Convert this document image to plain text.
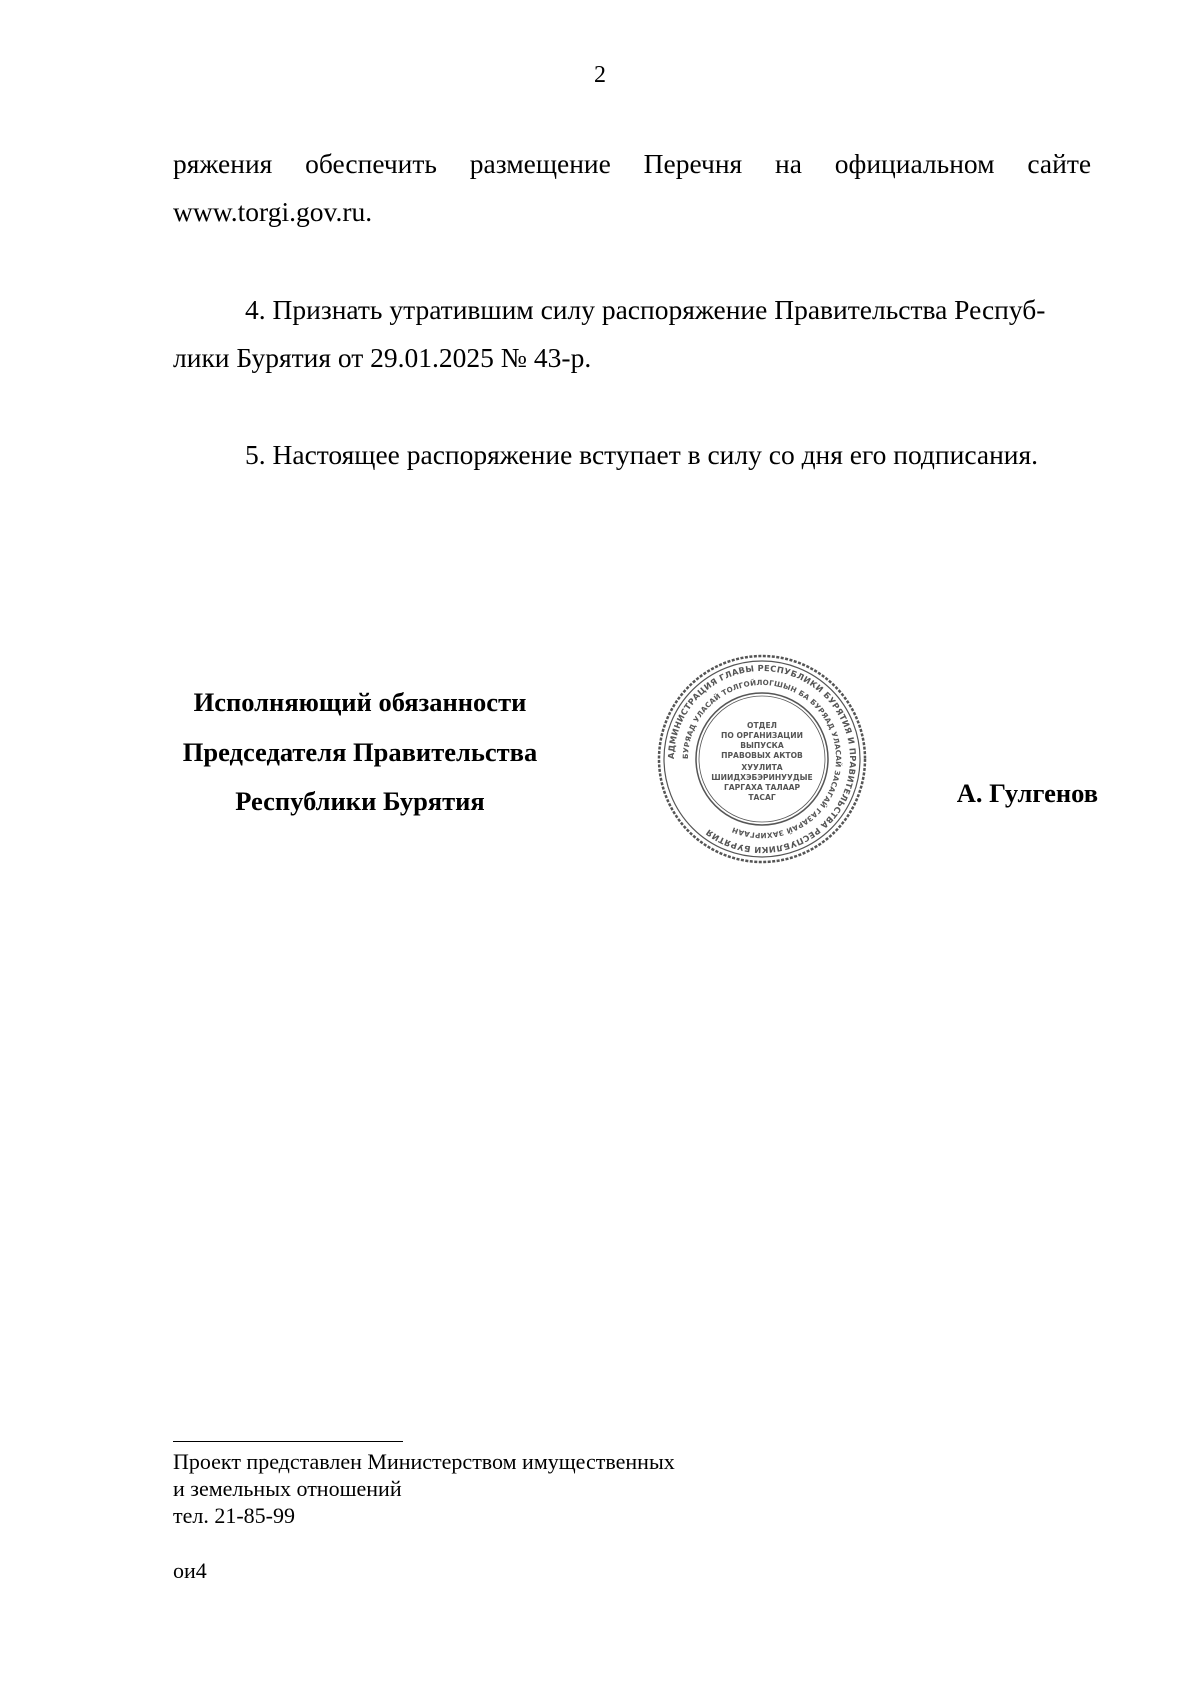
2
ряжения обеспечить размещение Перечня на официальном сайте
www.torgi.gov.ru.
4. Признать утратившим силу распоряжение Правительства Респуб-
лики Бурятия от 29.01.2025 № 43-р.
5. Настоящее распоряжение вступает в силу со дня его подписания.
Исполняющий обязанности
Председателя Правительства
Республики Бурятия
АДМИНИСТРАЦИЯ ГЛАВЫ РЕСПУБЛИКИ БУРЯТИЯ И ПРАВИТЕЛЬСТВА РЕСПУБЛИКИ БУРЯТИЯ
БУРЯАД УЛАСАЙ ТОЛГОЙЛОГШЫН БА БУРЯАД УЛАСАЙ ЗАСАГАЙ ГАЗАРАЙ ЗАХИРГААН
ОТДЕЛ
ПО ОРГАНИЗАЦИИ
ВЫПУСКА
ПРАВОВЫХ АКТОВ
ХУУЛИТА
ШИИДХЭБЭРИНУУДЫЕ
ГАРГАХА ТАЛААР
ТАСАГ	А. Гулгенов
Проект представлен Министерством имущественных
и земельных отношений
тел. 21-85-99
ои4
